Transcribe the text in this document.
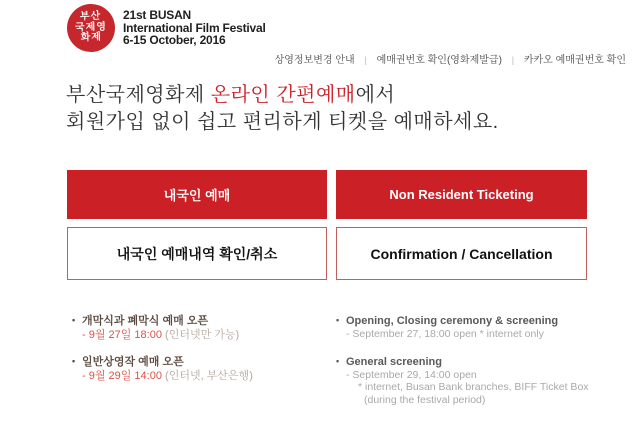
부산
국제영
화제
21st BUSAN
International Film Festival
6-15 October, 2016
상영정보변경 안내 | 예매권번호 확인(영화제발급) | 카카오 예매권번호 확인
부산국제영화제 온라인 간편예매에서
회원가입 없이 쉽고 편리하게 티켓을 예매하세요.
내국인 예매	Non Resident Ticketing
내국인 예매내역 확인/취소	Confirmation / Cancellation
• 개막식과 폐막식 예매 오픈
- 9월 27일 18:00 (인터넷만 가능)
• 일반상영작 예매 오픈
- 9월 29일 14:00 (인터넷, 부산은행)
• Opening, Closing ceremony & screening
- September 27, 18:00 open * internet only
• General screening
- September 29, 14:00 open
* internet, Busan Bank branches, BIFF Ticket Box
(during the festival period)
